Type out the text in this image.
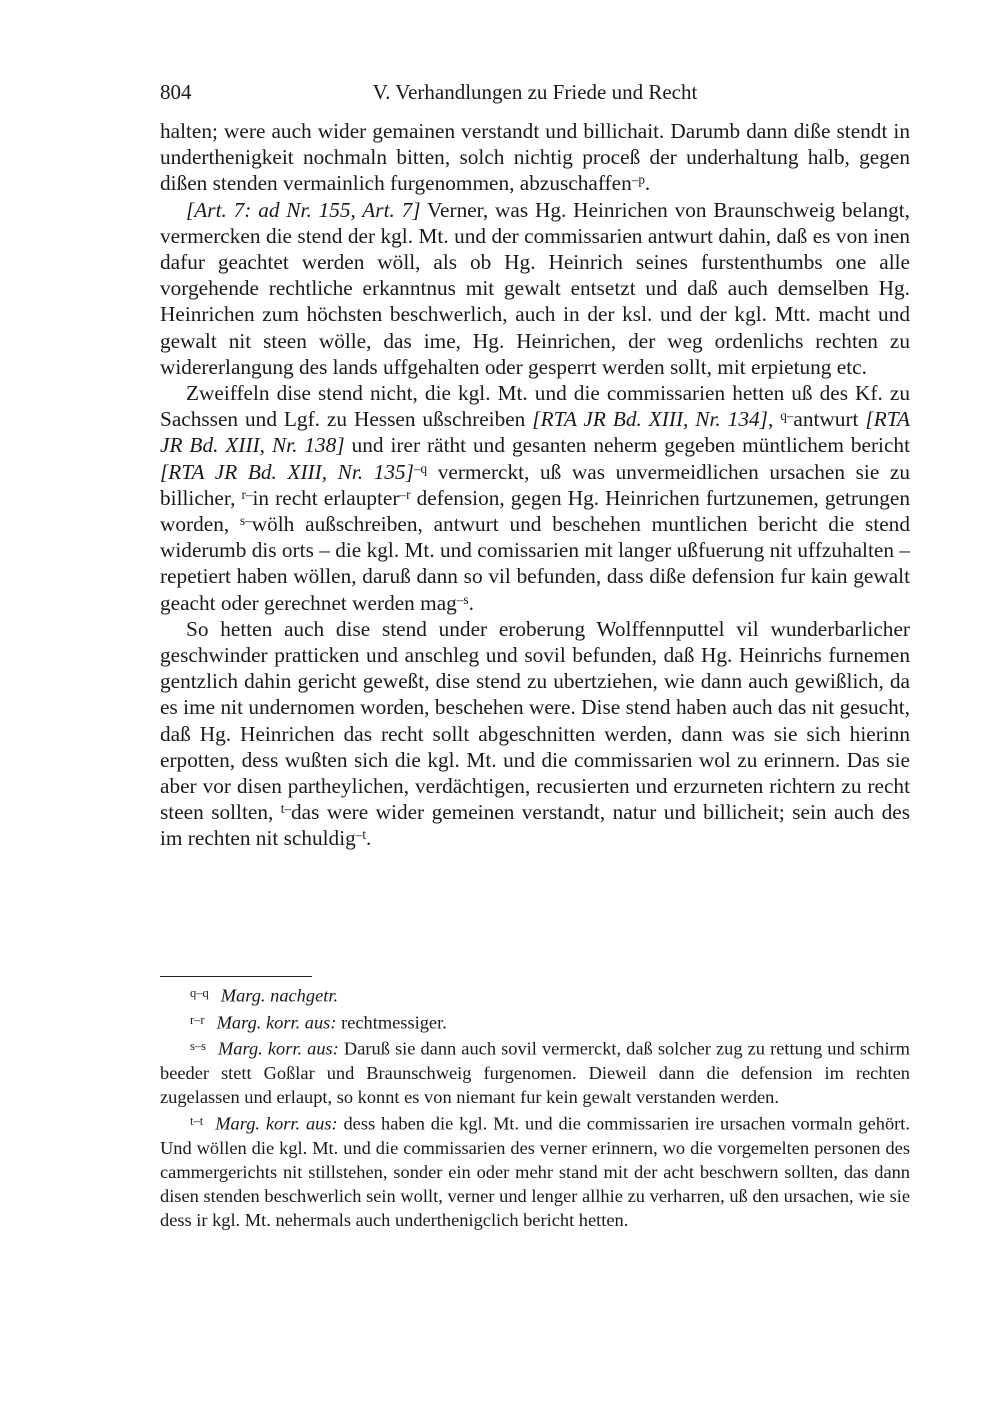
804	V. Verhandlungen zu Friede und Recht

halten; were auch wider gemainen verstandt und billichait. Darumb dann diße stendt in underthenigkeit nochmaln bitten, solch nichtig proceß der underhaltung halb, gegen dißen stenden vermainlich furgenommen, abzuschaffen$^{-p}$.

[Art. 7: ad Nr. 155, Art. 7] Verner, was Hg. Heinrichen von Braunschweig belangt, vermercken die stend der kgl. Mt. und der commissarien antwurt dahin, daß es von inen dafur geachtet werden wöll, als ob Hg. Heinrich seines furstenthumbs one alle vorgehende rechtliche erkanntnus mit gewalt entsetzt und daß auch demselben Hg. Heinrichen zum höchsten beschwerlich, auch in der ksl. und der kgl. Mtt. macht und gewalt nit steen wölle, das ime, Hg. Heinrichen, der weg ordenlichs rechten zu widererlangung des lands uffgehalten oder gesperrt werden sollt, mit erpietung etc.

Zweiffeln dise stend nicht, die kgl. Mt. und die commissarien hetten uß des Kf. zu Sachssen und Lgf. zu Hessen ußschreiben [RTA JR Bd. XIII, Nr. 134], $^{q-}$antwurt [RTA JR Bd. XIII, Nr. 138] und irer rätht und gesanten neherm gegeben müntlichem bericht [RTA JR Bd. XIII, Nr. 135]$^{-q}$ vermerckt, uß was unvermeidlichen ursachen sie zu billicher, $^{r-}$in recht erlaupter$^{-r}$ defension, gegen Hg. Heinrichen furtzunemen, getrungen worden, $^{s-}$wölh außschreiben, antwurt und beschehen muntlichen bericht die stend widerumb dis orts – die kgl. Mt. und comissarien mit langer ußfuerung nit uffzuhalten – repetiert haben wöllen, daruß dann so vil befunden, dass diße defension fur kain gewalt geacht oder gerechnet werden mag$^{-s}$.

So hetten auch dise stend under eroberung Wolffennputtel vil wunderbarlicher geschwinder pratticken und anschleg und sovil befunden, daß Hg. Heinrichs furnemen gentzlich dahin gericht geweßt, dise stend zu ubertziehen, wie dann auch gewißlich, da es ime nit undernomen worden, beschehen were. Dise stend haben auch das nit gesucht, daß Hg. Heinrichen das recht sollt abgeschnitten werden, dann was sie sich hierinn erpotten, dess wußten sich die kgl. Mt. und die commissarien wol zu erinnern. Das sie aber vor disen partheylichen, verdächtigen, recusierten und erzurneten richtern zu recht steen sollten, $^{t-}$das were wider gemeinen verstandt, natur und billicheit; sein auch des im rechten nit schuldig$^{-t}$.

$^{q-q}$ Marg. nachgetr.

$^{r-r}$ Marg. korr. aus: rechtmessiger.

$^{s-s}$ Marg. korr. aus: Daruß sie dann auch sovil vermerckt, daß solcher zug zu rettung und schirm beeder stett Goßlar und Braunschweig furgenomen. Dieweil dann die defension im rechten zugelassen und erlaupt, so konnt es von niemant fur kein gewalt verstanden werden.

$^{t-t}$ Marg. korr. aus: dess haben die kgl. Mt. und die commissarien ire ursachen vormaln gehört. Und wöllen die kgl. Mt. und die commissarien des verner erinnern, wo die vorgemelten personen des cammergerichts nit stillstehen, sonder ein oder mehr stand mit der acht beschwern sollten, das dann disen stenden beschwerlich sein wollt, verner und lenger allhie zu verharren, uß den ursachen, wie sie dess ir kgl. Mt. nehermals auch underthenigclich bericht hetten.
